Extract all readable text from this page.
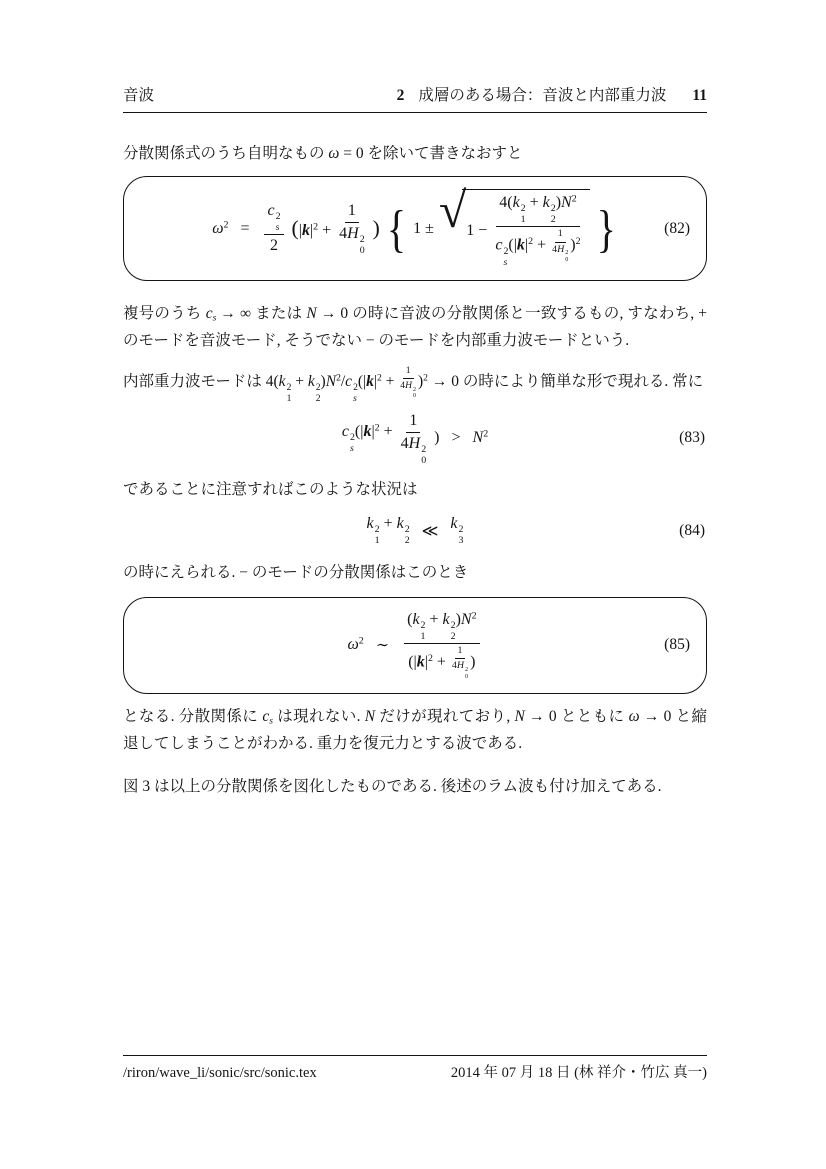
音波	2 成層のある場合：音波と内部重力波 11

分散関係式のうち自明なもの ω = 0 を除いて書きなおすと

$\omega^2 = c$ 2
s
2 ($|k|^2 + 1$
4H 2
0 ) { 1 ± √ 1 − 4(k 2
1
+ k 2
2
)$N^2$
c 2
s
($|k|^2 + 1$
4H 2
0 )$^2$ }	(82)

複号のうち $c_s$ → ∞ または N → 0 の時に音波の分散関係と一致するもの, すなわち, + のモードを音波モード, そうでない − のモードを内部重力波モードという.

内部重力波モードは 4(k 2
1
+ k 2
2
)$N^2/c$ 2
s
($|k|^2 + 1$
4H 2
0 )$^2$ → 0 の時により簡単な形で現れる. 常に

c 2
s
($|k|^2 + 1$
4H 2
0 ) > $N^2$	(83)

であることに注意すればこのような状況は

k 2
1
+ k 2
2
≪ k 2
3
(84)

の時にえられる. − のモードの分散関係はこのとき

$\omega^2$ ∼ (k 2
1
+ k 2
2
)$N^2$
($|k|^2 + 1$
4H 2
0 )	(85)

となる. 分散関係に $c_s$ は現れない. N だけが現れており, N → 0 とともに ω → 0 と縮退してしまうことがわかる. 重力を復元力とする波である.

図 3 は以上の分散関係を図化したものである. 後述のラム波も付け加えてある.

/riron/wave_li/sonic/src/sonic.tex	2014 年 07 月 18 日 (林 祥介・竹広 真一)
